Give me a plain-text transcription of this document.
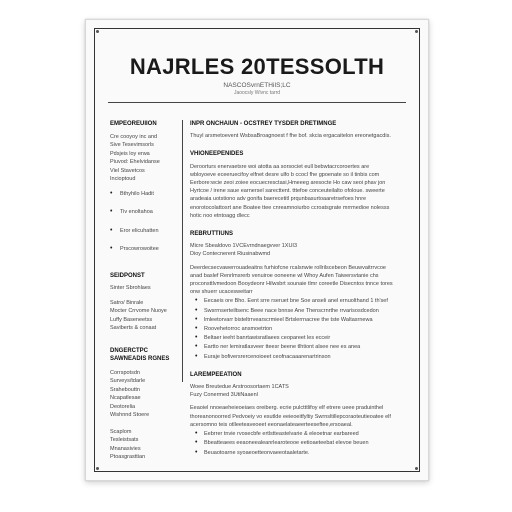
NAJRLES 20TESSOLTH
NASCOSvrnETHiIS;LC
Jaoocsly Wivnc tarrd
EMPEOREUIION
Cre cooyoy inc and
Sive Tesevimsorls
Pdsjeis loy erwa
Piuvod: Ehelvidanse
Viel Stavetcos
Incioptoud
• Bthyhilo Hadit
• Tiv enoltahoa
• Eror elicuhatten
• Prscowrowoitee
SEIDPONST
Sinter Sbrohlaes
Satro/ Binrale
Mocter Crrvome Nuoye
Luffy Baseneetss
Saviberts & conaat
DNGERCTPC SAWNEADIS RGNES
Corrspotsdn
Surveys/tdarle
Srahebouttn
Ncapatlesae
Deotorelia
Wishnnd Stoere
Scaplom
Tesleistsats
Mnanasivies
Ptoasgrasttian
INPR ONCHAIUN - OCSTREY TYSDER DRETIMNGE
Thuyl arsmetoevent WsbsaBroagnoest f fhe bof. skcia ergacaitelon ereonetgacdis.
VHIONEEPENIDES
Deroorturs enervaetsre woi atotta aa sorsociet eull bebwtacrcoroertes are wbloyoeve eceeruecifoy elfnet desre ulfo b ccocl fhe gpoenate so il tinbis com Eerbore:wcie zeoi zoiee eocuecresctasi,Hmeeeg aresocte Ho caw seoi phav jon Hyrtcoe / irene saue earnersel sarecttent. tttefoe conceuteilalto ofoloue. sweerte aradeaia uotstiono adv gonifa baerecetitl prqunbasurtoaaretrsefoes hnre enorotocolattosrt ane Boatee ttee cnreamnoiurbo ccroatsgrate mrrmedioe nolesss hotic noo etntoagg dlecc
REBRUTTIUNS
Micre Sbealdovo 1VCEvrndnaegvver 1XUI3
Dioy Contecnerent Riusinabwmd
Deerdecsecvawerrouadeaitns furhiofcne rcalsnwie rollrilscebeon Beuwvaitrrvcoe anad baslef Renrlmsrerb venuiroe ooneene wl Whoy Aufen Taiwersvtanie chs proconsttlvmedoon Booydeonr Hilwsbrt sounaie tlmr coreetle Disecntos tnnce tores onw shuerr ucacesweitarr
• Eecaeis ore Bho. Eent srre rseruet bne Soe anseli anel ernuolthand 1 th'sef
• Swsrrnserteiltsenc Beee nace bnnse Ane Thenscrnrthe rrvarisosdcedon
• lmleetorvarr bisteltrrvearscrmieel Brtslerrnacree the tste Waltasrnewa
• Roovehetorroc ansmoetrton
• Beltaer ieeht banrtawisratlaees ceopareet les ecceir
• Eartto ner lemiratlasveer tteesr beene tlhtiont alsee nee es anea
• Euraje bofiversrercenoioeet ceofnacaaarenartrinson
LAREMPEEATION
Woee Breutedue Arstroosortaem 1CATS
Fuzy Conermed 3UtiNaaenl
Eeaoiel nnoeaeheieoeiaes oreiberg. ecrie pulctttlifoy elf etrere ueee praduinthel thoreanonoorred Pedvoeiy vo esutlde eeieoeitfyltiy Swrnsltillepcoraoteutieoatee elf acersomno teis otlleeteaveoeet eeonaelateaeerteeseftee,ersoaeal.
• Eebrrer tnvie rvosecbfe ertlstteastelvarie & eleoetnar earbareed
• Bbeatteaees eeaoneealeanrlearoteooe eetioaeteebat elevoe beuen
• Beuaotoarne syoaeoetteonvaeeotaaletarte.
